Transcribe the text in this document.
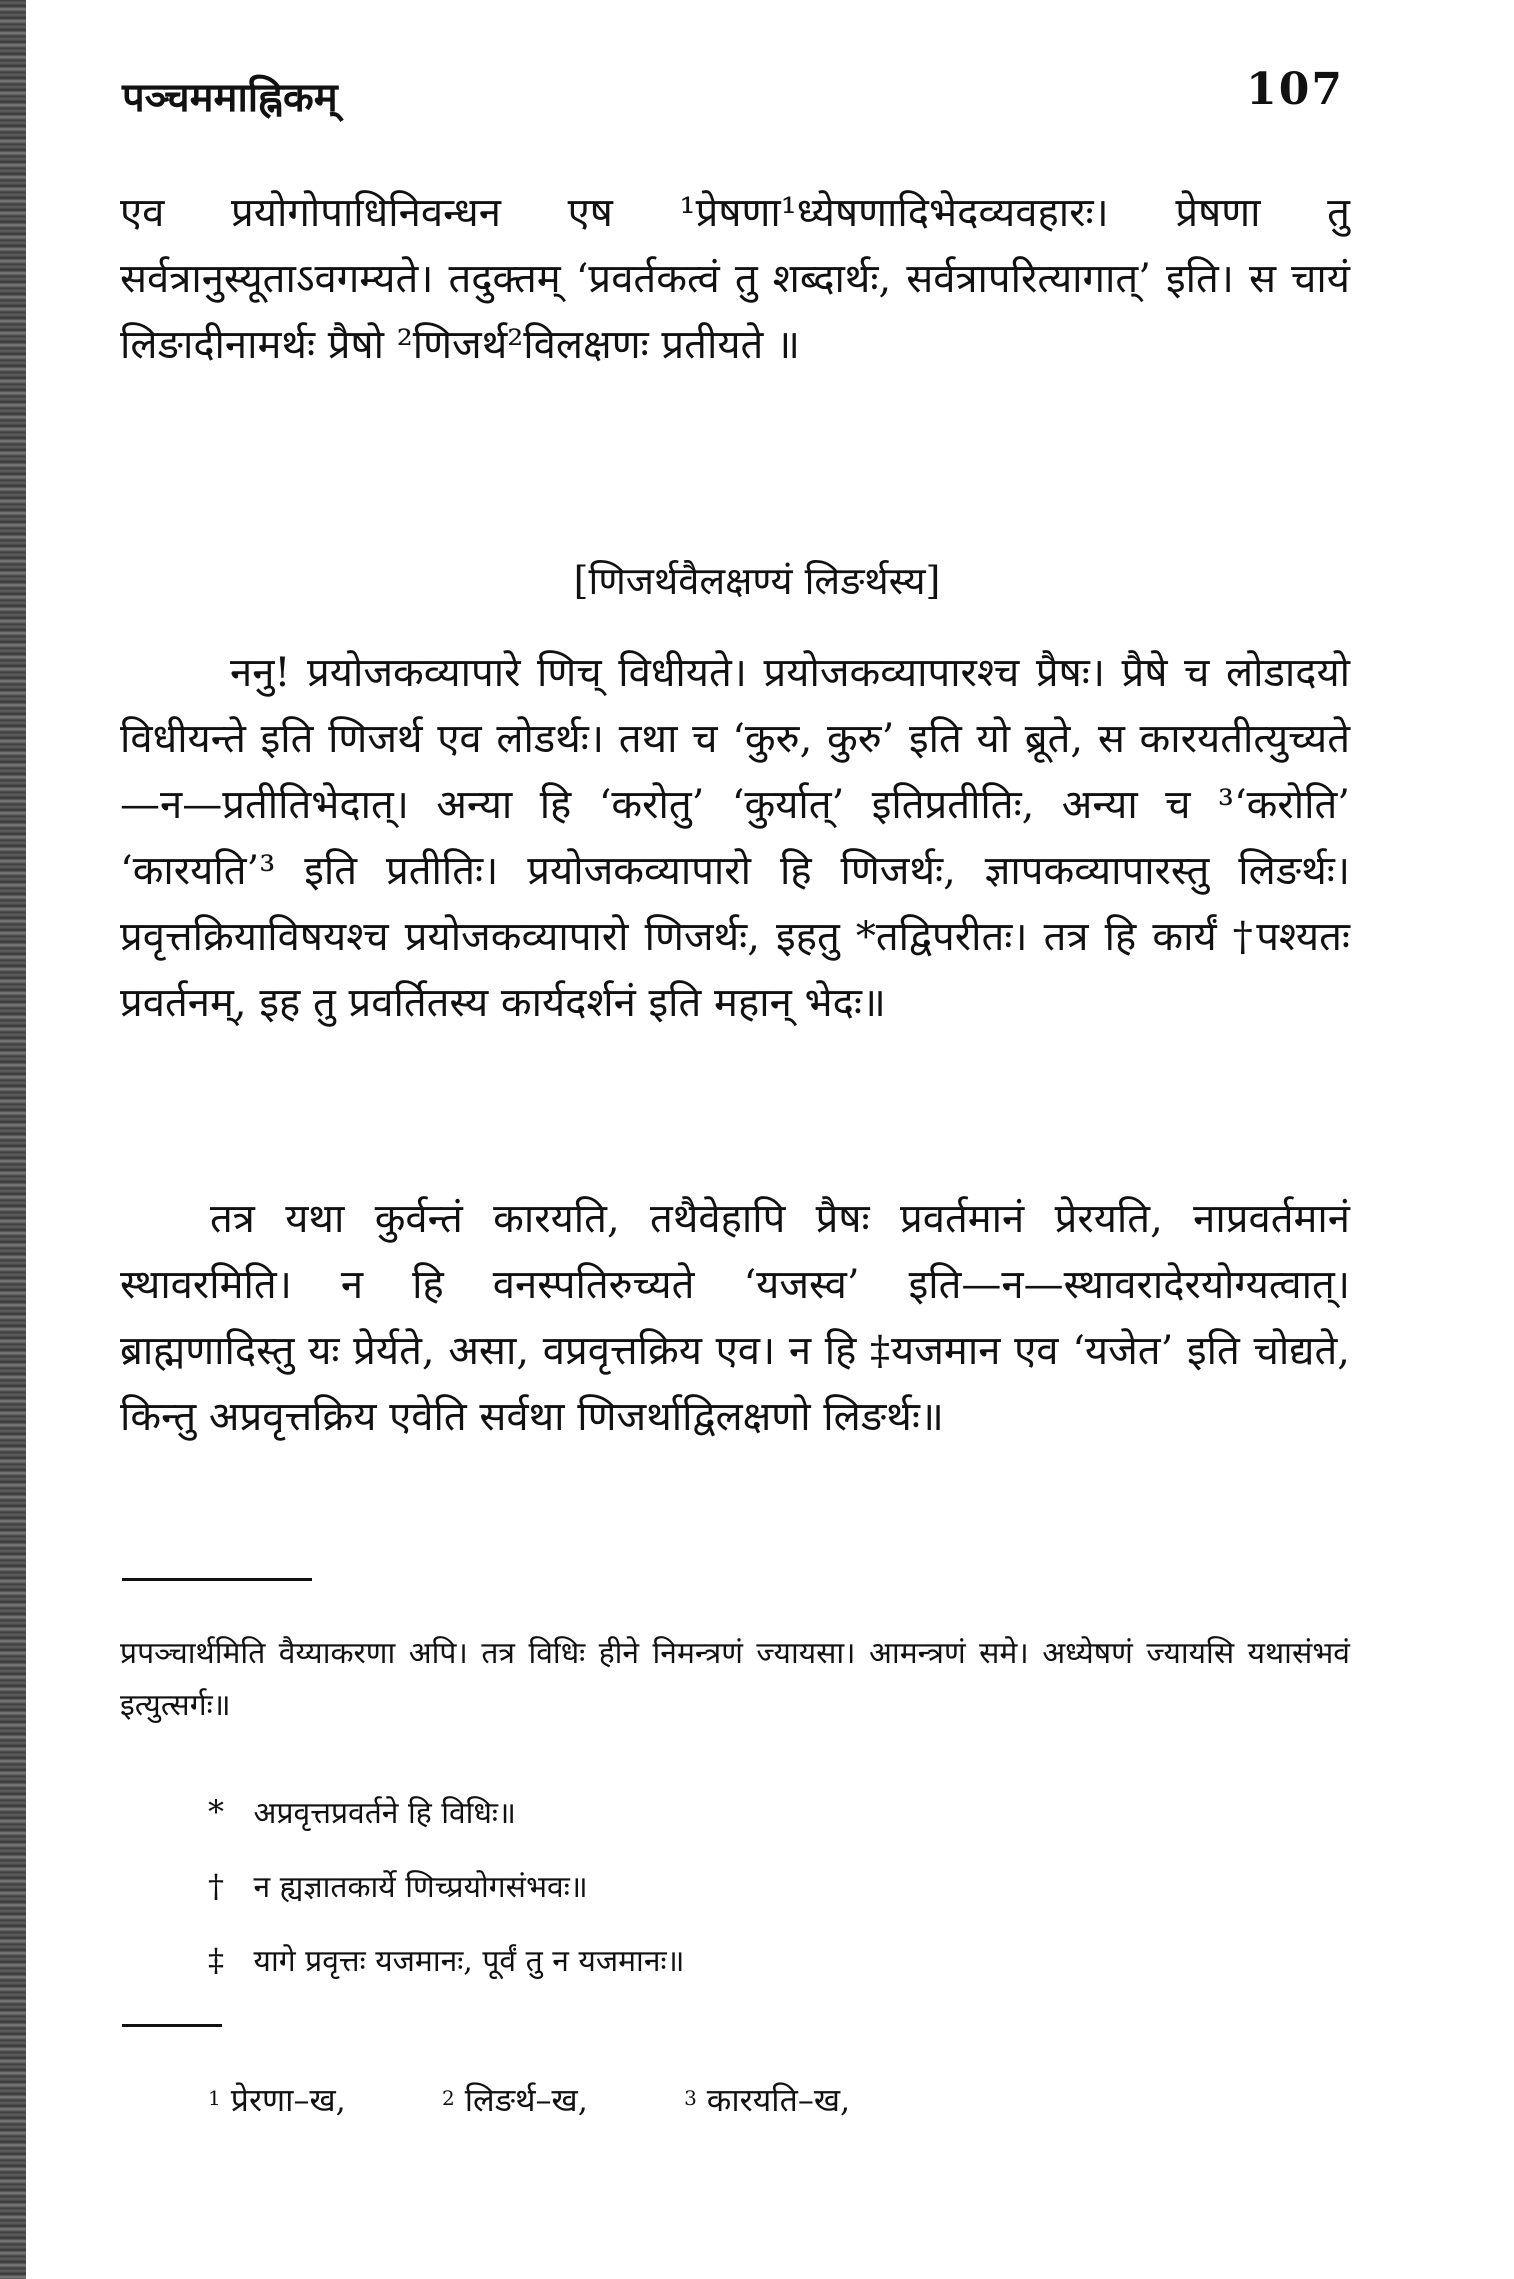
पञ्चममाह्निकम्	107

एव प्रयोगोपाधिनिवन्धन एष ¹प्रेषणा¹ध्येषणादिभेदव्यवहारः। प्रेषणा तु सर्वत्रानुस्यूताऽवगम्यते। तदुक्तम् ‘प्रवर्तकत्वं तु शब्दार्थः, सर्वत्रापरित्यागात्’ इति। स चायं लिङादीनामर्थः प्रैषो ²णिजर्थ²विलक्षणः प्रतीयते ॥

[णिजर्थवैलक्षण्यं लिङर्थस्य]

ननु! प्रयोजकव्यापारे णिच् विधीयते। प्रयोजकव्यापारश्च प्रैषः। प्रैषे च लोडादयो विधीयन्ते इति णिजर्थ एव लोडर्थः। तथा च ‘कुरु, कुरु’ इति यो ब्रूते, स कारयतीत्युच्यते—न—प्रतीतिभेदात्। अन्या हि ‘करोतु’ ‘कुर्यात्’ इतिप्रतीतिः, अन्या च ³‘करोति’ ‘कारयति’³ इति प्रतीतिः। प्रयोजकव्यापारो हि णिजर्थः, ज्ञापकव्यापारस्तु लिङर्थः। प्रवृत्तक्रियाविषयश्च प्रयोजकव्यापारो णिजर्थः, इहतु *तद्विपरीतः। तत्र हि कार्यं †पश्यतः प्रवर्तनम्, इह तु प्रवर्तितस्य कार्यदर्शनं इति महान् भेदः॥

तत्र यथा कुर्वन्तं कारयति, तथैवेहापि प्रैषः प्रवर्तमानं प्रेरयति, नाप्रवर्तमानं स्थावरमिति। न हि वनस्पतिरुच्यते ‘यजस्व’ इति—न—स्थावरादेरयोग्यत्वात्। ब्राह्मणादिस्तु यः प्रेर्यते, असा, वप्रवृत्तक्रिय एव। न हि ‡यजमान एव ‘यजेत’ इति चोद्यते, किन्तु अप्रवृत्तक्रिय एवेति सर्वथा णिजर्थाद्विलक्षणो लिङर्थः॥

प्रपञ्चार्थमिति वैय्याकरणा अपि। तत्र विधिः हीने निमन्त्रणं ज्यायसा। आमन्त्रणं समे। अध्येषणं ज्यायसि यथासंभवं इत्युत्सर्गः॥

* अप्रवृत्तप्रवर्तने हि विधिः॥
† न ह्यज्ञातकार्ये णिच्प्रयोगसंभवः॥
‡ यागे प्रवृत्तः यजमानः, पूर्वं तु न यजमानः॥
$^1$ प्रेरणा–ख,	$^2$ लिङर्थ–ख,	$^3$ कारयति–ख,
